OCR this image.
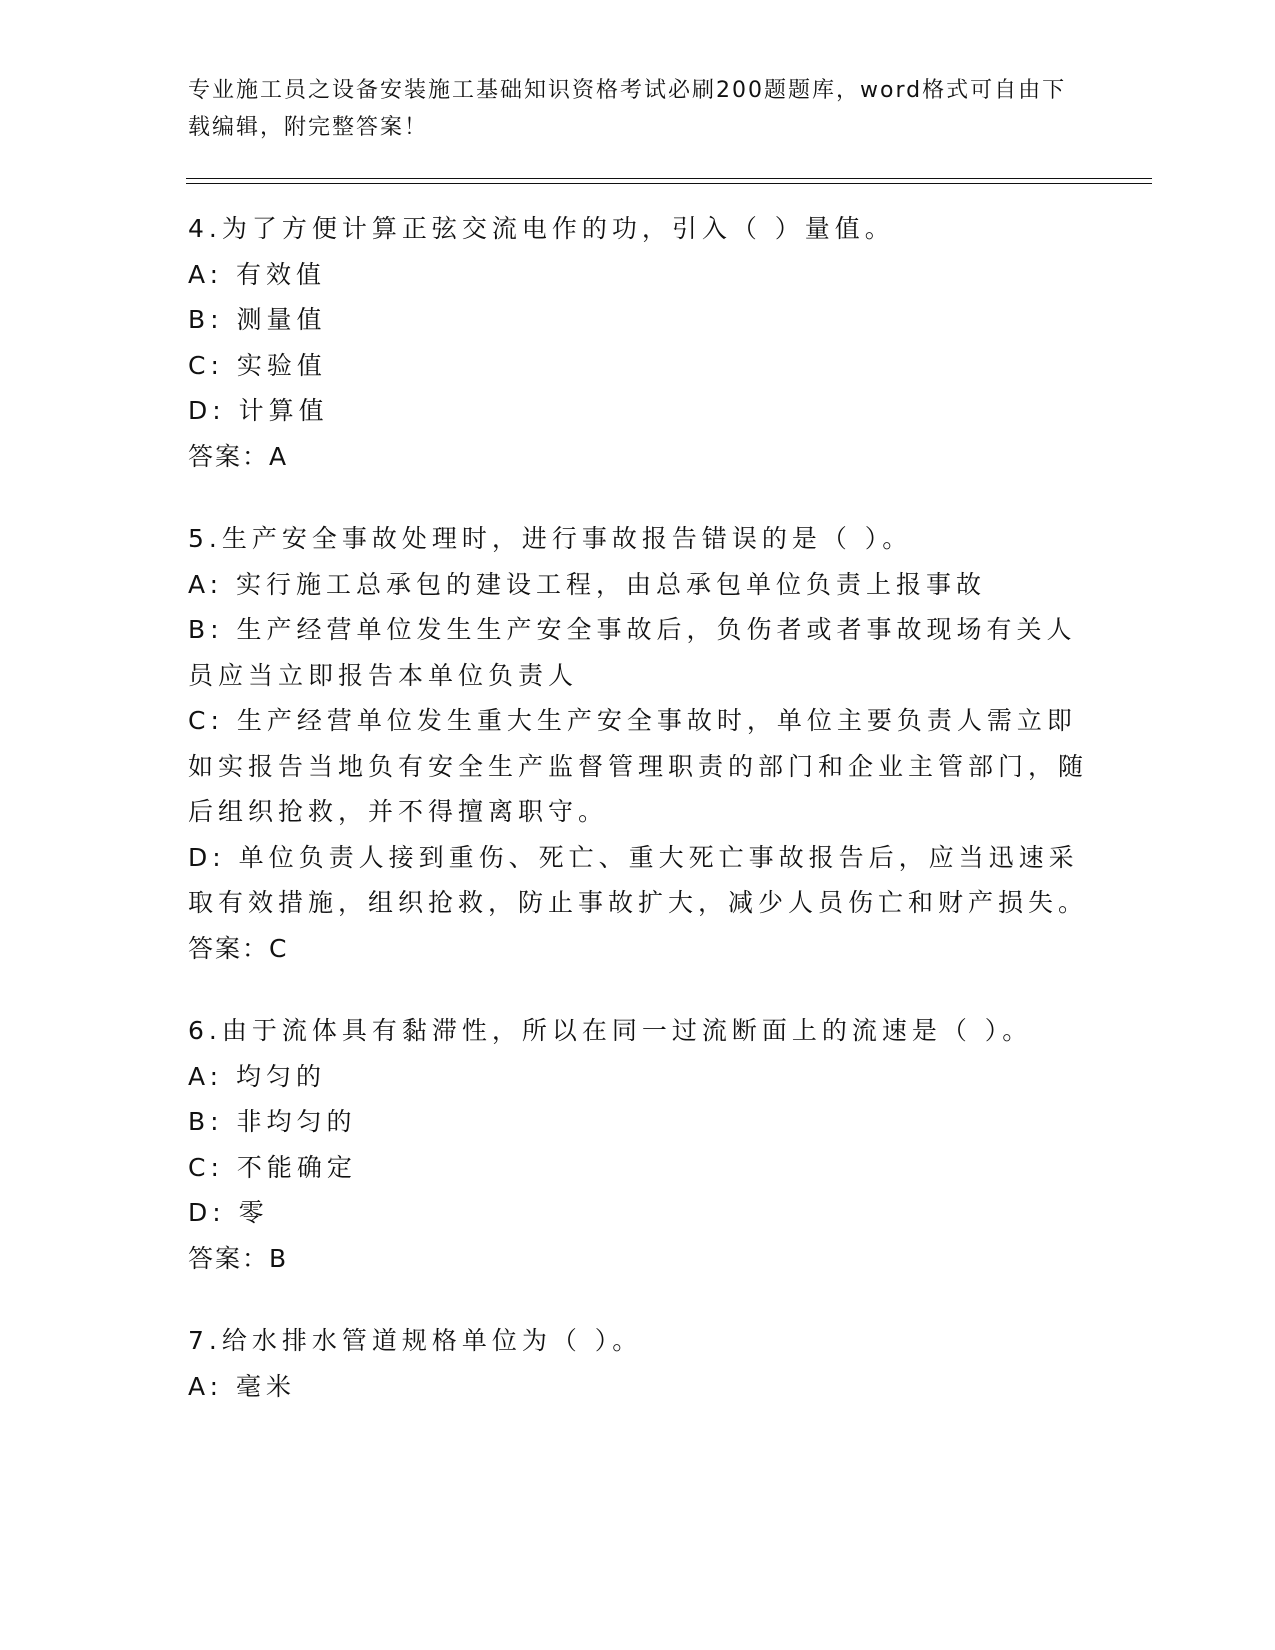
专业施工员之设备安装施工基础知识资格考试必刷200题题库，word格式可自由下载编辑，附完整答案！
4.为了方便计算正弦交流电作的功，引入（ ）量值。
A: 有效值
B: 测量值
C: 实验值
D: 计算值
答案：A
5.生产安全事故处理时，进行事故报告错误的是（ ）。
A: 实行施工总承包的建设工程，由总承包单位负责上报事故
B: 生产经营单位发生生产安全事故后，负伤者或者事故现场有关人员应当立即报告本单位负责人
C: 生产经营单位发生重大生产安全事故时，单位主要负责人需立即如实报告当地负有安全生产监督管理职责的部门和企业主管部门，随后组织抢救，并不得擅离职守。
D: 单位负责人接到重伤、死亡、重大死亡事故报告后，应当迅速采取有效措施，组织抢救，防止事故扩大，减少人员伤亡和财产损失。
答案：C
6.由于流体具有黏滞性，所以在同一过流断面上的流速是（ ）。
A: 均匀的
B: 非均匀的
C: 不能确定
D: 零
答案：B
7.给水排水管道规格单位为（ ）。
A: 毫米
